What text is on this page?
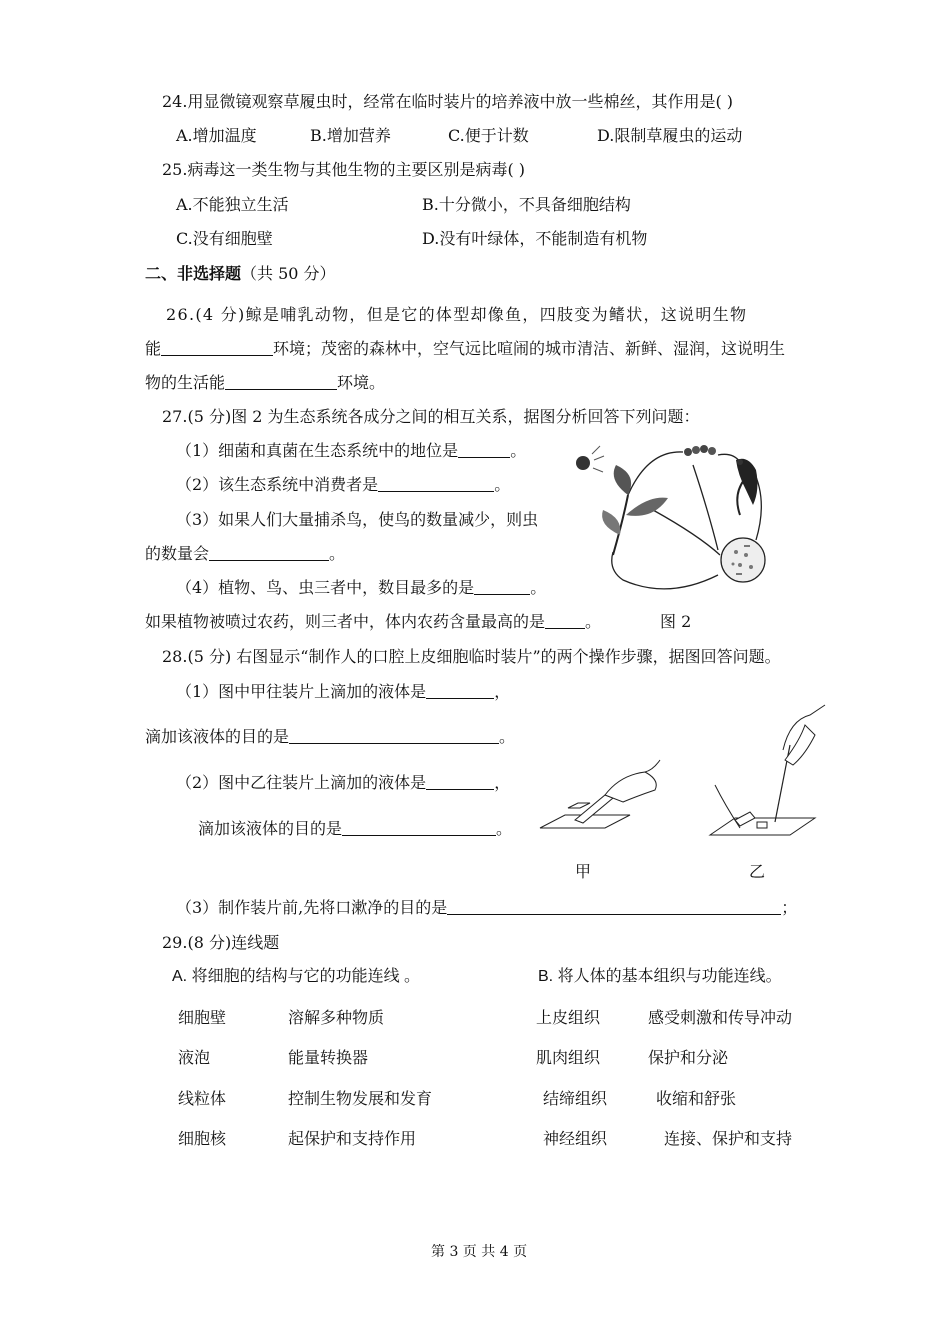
24.用显微镜观察草履虫时，经常在临时装片的培养液中放一些棉丝，其作用是( )
A.增加温度	B.增加营养	C.便于计数	D.限制草履虫的运动
25.病毒这一类生物与其他生物的主要区别是病毒( )
A.不能独立生活	B.十分微小，不具备细胞结构
C.没有细胞壁	D.没有叶绿体，不能制造有机物
二、非选择题（共 50 分）
26.(4 分)鲸是哺乳动物，但是它的体型却像鱼，四肢变为鳍状，这说明生物
能	环境；茂密的森林中，空气远比喧闹的城市清洁、新鲜、湿润，这说明生
物的生活能	环境。
27.(5 分)图 2 为生态系统各成分之间的相互关系，据图分析回答下列问题：
（1）细菌和真菌在生态系统中的地位是	。
（2）该生态系统中消费者是	。
（3）如果人们大量捕杀鸟，使鸟的数量减少，则虫
的数量会	。
（4）植物、鸟、虫三者中，数目最多的是	。
如果植物被喷过农药，则三者中，体内农药含量最高的是	。	图 2
28.(5 分) 右图显示“制作人的口腔上皮细胞临时装片”的两个操作步骤，据图回答问题。
（1）图中甲往装片上滴加的液体是	，
滴加该液体的目的是	。
（2）图中乙往装片上滴加的液体是	，
滴加该液体的目的是	。
甲	乙
（3）制作装片前,先将口漱净的目的是	；
29.(8 分)连线题
A. 将细胞的结构与它的功能连线 。	B. 将人体的基本组织与功能连线。
细胞壁	溶解多种物质	上皮组织	感受刺激和传导冲动
液泡	能量转换器	肌肉组织	保护和分泌
线粒体	控制生物发展和发育	结缔组织	收缩和舒张
细胞核	起保护和支持作用	神经组织	连接、保护和支持
第 3 页 共 4 页
